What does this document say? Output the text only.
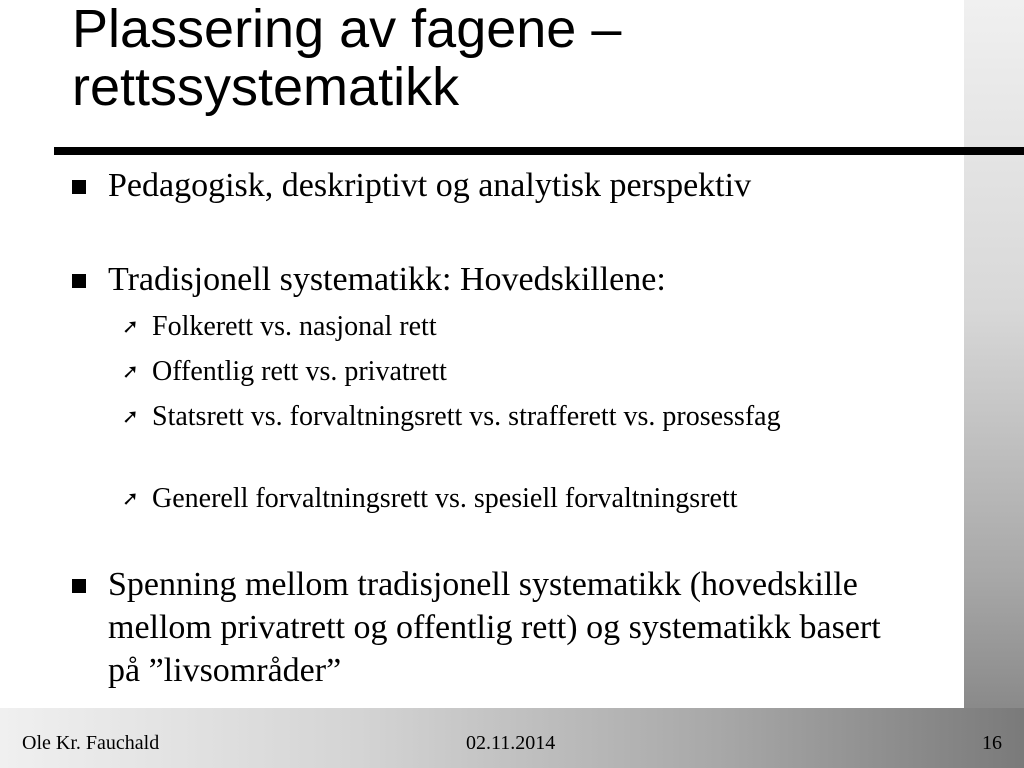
Plassering av fagene – rettssystematikk
Pedagogisk, deskriptivt og analytisk perspektiv
Tradisjonell systematikk: Hovedskillene:
➚ Folkerett vs. nasjonal rett
➚ Offentlig rett vs. privatrett
➚ Statsrett vs. forvaltningsrett vs. strafferett vs. prosessfag
➚ Generell forvaltningsrett vs. spesiell forvaltningsrett
Spenning mellom tradisjonell systematikk (hovedskille mellom privatrett og offentlig rett) og systematikk basert på ”livsområder”
Ole Kr. Fauchald	02.11.2014	16
